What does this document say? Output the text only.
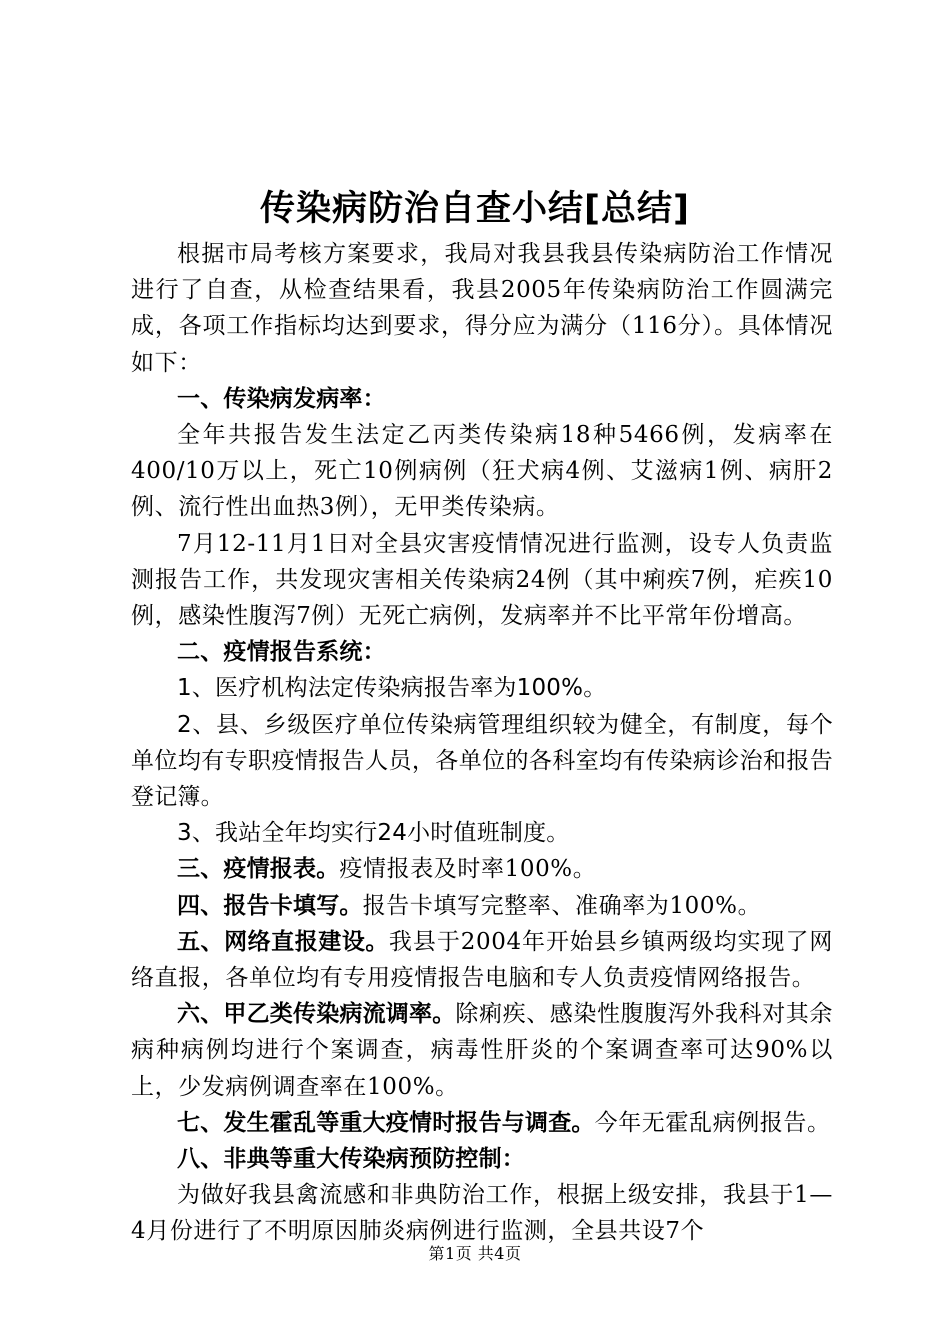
传染病防治自查小结[总结]

根据市局考核方案要求，我局对我县我县传染病防治工作情况进行了自查，从检查结果看，我县2005年传染病防治工作圆满完成，各项工作指标均达到要求，得分应为满分（116分）。具体情况如下：

一、传染病发病率：

全年共报告发生法定乙丙类传染病18种5466例，发病率在400/10万以上，死亡10例病例（狂犬病4例、艾滋病1例、病肝2例、流行性出血热3例），无甲类传染病。

7月12-11月1日对全县灾害疫情情况进行监测，设专人负责监测报告工作，共发现灾害相关传染病24例（其中痢疾7例，疟疾10例，感染性腹泻7例）无死亡病例，发病率并不比平常年份增高。

二、疫情报告系统：

1、医疗机构法定传染病报告率为100%。

2、县、乡级医疗单位传染病管理组织较为健全，有制度，每个单位均有专职疫情报告人员，各单位的各科室均有传染病诊治和报告登记簿。

3、我站全年均实行24小时值班制度。

三、疫情报表。疫情报表及时率100%。

四、报告卡填写。报告卡填写完整率、准确率为100%。

五、网络直报建设。我县于2004年开始县乡镇两级均实现了网络直报，各单位均有专用疫情报告电脑和专人负责疫情网络报告。

六、甲乙类传染病流调率。除痢疾、感染性腹腹泻外我科对其余病种病例均进行个案调查，病毒性肝炎的个案调查率可达90%以上，少发病例调查率在100%。

七、发生霍乱等重大疫情时报告与调查。今年无霍乱病例报告。

八、非典等重大传染病预防控制：

为做好我县禽流感和非典防治工作，根据上级安排，我县于1—4月份进行了不明原因肺炎病例进行监测，全县共设7个

第1页 共4页
